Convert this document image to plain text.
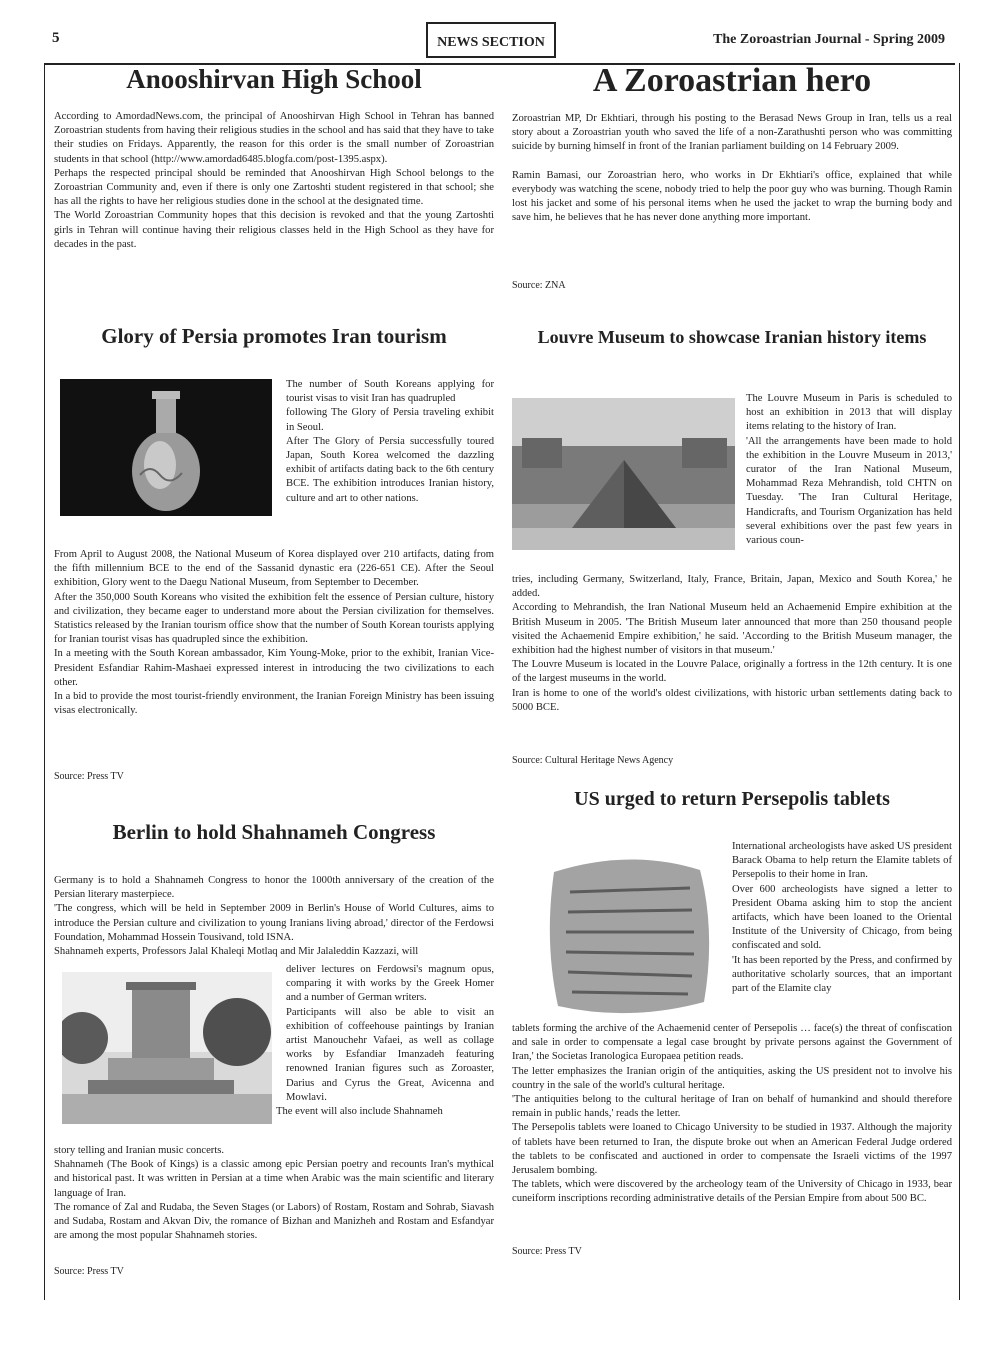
5	NEWS SECTION	The Zoroastrian Journal - Spring 2009
Anooshirvan High School
According to AmordadNews.com, the principal of Anooshirvan High School in Tehran has banned Zoroastrian students from having their religious studies in the school and has said that they have to take their studies on Fridays. Apparently, the reason for this order is the small number of Zoroastrian students in that school (http://www.amordad6485.blogfa.com/post-1395.aspx).
Perhaps the respected principal should be reminded that Anooshirvan High School belongs to the Zoroastrian Community and, even if there is only one Zartoshti student registered in that school; she has all the rights to have her religious studies done in the school at the designated time.
The World Zoroastrian Community hopes that this decision is revoked and that the young Zartoshti girls in Tehran will continue having their religious classes held in the High School as they have for decades in the past.
A Zoroastrian hero
Zoroastrian MP, Dr Ekhtiari, through his posting to the Berasad News Group in Iran, tells us a real story about a Zoroastrian youth who saved the life of a non-Zarathushti person who was committing suicide by burning himself in front of the Iranian parliament building on 14 February 2009.
Ramin Bamasi, our Zoroastrian hero, who works in Dr Ekhtiari's office, explained that while everybody was watching the scene, nobody tried to help the poor guy who was burning. Though Ramin lost his jacket and some of his personal items when he used the jacket to wrap the burning body and save him, he believes that he has never done anything more important.
Source: ZNA
Glory of Persia promotes Iran tourism
The number of South Koreans applying for tourist visas to visit Iran has quadrupled
following The Glory of Persia traveling exhibit in Seoul.
After The Glory of Persia successfully toured Japan, South Korea welcomed the dazzling exhibit of artifacts dating back to the 6th century BCE. The exhibition introduces Iranian history, culture and art to other nations.
From April to August 2008, the National Museum of Korea displayed over 210 artifacts, dating from the fifth millennium BCE to the end of the Sassanid dynastic era (226-651 CE). After the Seoul exhibition, Glory went to the Daegu National Museum, from September to December.
After the 350,000 South Koreans who visited the exhibition felt the essence of Persian culture, history and civilization, they became eager to understand more about the Persian civilization for themselves. Statistics released by the Iranian tourism office show that the number of South Korean tourists applying for Iranian tourist visas has quadrupled since the exhibition.
In a meeting with the South Korean ambassador, Kim Young-Moke, prior to the exhibit, Iranian Vice-President Esfandiar Rahim-Mashaei expressed interest in introducing the two civilizations to each other.
In a bid to provide the most tourist-friendly environment, the Iranian Foreign Ministry has been issuing visas electronically.
Source: Press TV
Louvre Museum to showcase Iranian history items
The Louvre Museum in Paris is scheduled to host an exhibition in 2013 that will display items relating to the history of Iran.
'All the arrangements have been made to hold the exhibition in the Louvre Museum in 2013,' curator of the Iran National Museum, Mohammad Reza Mehrandish, told CHTN on Tuesday. 'The Iran Cultural Heritage, Handicrafts, and Tourism Organization has held several exhibitions over the past few years in various coun-
tries, including Germany, Switzerland, Italy, France, Britain, Japan, Mexico and South Korea,' he added.
According to Mehrandish, the Iran National Museum held an Achaemenid Empire exhibition at the British Museum in 2005. 'The British Museum later announced that more than 250 thousand people visited the Achaemenid Empire exhibition,' he said. 'According to the British Museum manager, the exhibition had the highest number of visitors in that museum.'
The Louvre Museum is located in the Louvre Palace, originally a fortress in the 12th century. It is one of the largest museums in the world.
Iran is home to one of the world's oldest civilizations, with historic urban settlements dating back to 5000 BCE.
Source: Cultural Heritage News Agency
Berlin to hold Shahnameh Congress
Germany is to hold a Shahnameh Congress to honor the 1000th anniversary of the creation of the Persian literary masterpiece.
'The congress, which will be held in September 2009 in Berlin's House of World Cultures, aims to introduce the Persian culture and civilization to young Iranians living abroad,' director of the Ferdowsi Foundation, Mohammad Hossein Tousivand, told ISNA.
Shahnameh experts, Professors Jalal Khaleqi Motlaq and Mir Jalaleddin Kazzazi, will
deliver lectures on Ferdowsi's magnum opus, comparing it with works by the Greek Homer and a number of German writers.
Participants will also be able to visit an exhibition of coffeehouse paintings by Iranian artist Manouchehr Vafaei, as well as collage works by Esfandiar Imanzadeh featuring renowned Iranian figures such as Zoroaster, Darius and Cyrus the Great, Avicenna and Mowlavi.
The event will also include Shahnameh
story telling and Iranian music concerts.
Shahnameh (The Book of Kings) is a classic among epic Persian poetry and recounts Iran's mythical and historical past. It was written in Persian at a time when Arabic was the main scientific and literary language of Iran.
The romance of Zal and Rudaba, the Seven Stages (or Labors) of Rostam, Rostam and Sohrab, Siavash and Sudaba, Rostam and Akvan Div, the romance of Bizhan and Manizheh and Rostam and Esfandyar are among the most popular Shahnameh stories.
Source: Press TV
US urged to return Persepolis tablets
International archeologists have asked US president Barack Obama to help return the Elamite tablets of Persepolis to their home in Iran.
Over 600 archeologists have signed a letter to President Obama asking him to stop the ancient artifacts, which have been loaned to the Oriental Institute of the University of Chicago, from being confiscated and sold.
'It has been reported by the Press, and confirmed by authoritative scholarly sources, that an important part of the Elamite clay
tablets forming the archive of the Achaemenid center of Persepolis … face(s) the threat of confiscation and sale in order to compensate a legal case brought by private persons against the Government of Iran,' the Societas Iranologica Europaea petition reads.
The letter emphasizes the Iranian origin of the antiquities, asking the US president not to involve his country in the sale of the world's cultural heritage.
'The antiquities belong to the cultural heritage of Iran on behalf of humankind and should therefore remain in public hands,' reads the letter.
The Persepolis tablets were loaned to Chicago University to be studied in 1937. Although the majority of tablets have been returned to Iran, the dispute broke out when an American Federal Judge ordered the tablets to be confiscated and auctioned in order to compensate the Israeli victims of the 1997 Jerusalem bombing.
The tablets, which were discovered by the archeology team of the University of Chicago in 1933, bear cuneiform inscriptions recording administrative details of the Persian Empire from about 500 BC.
Source: Press TV
